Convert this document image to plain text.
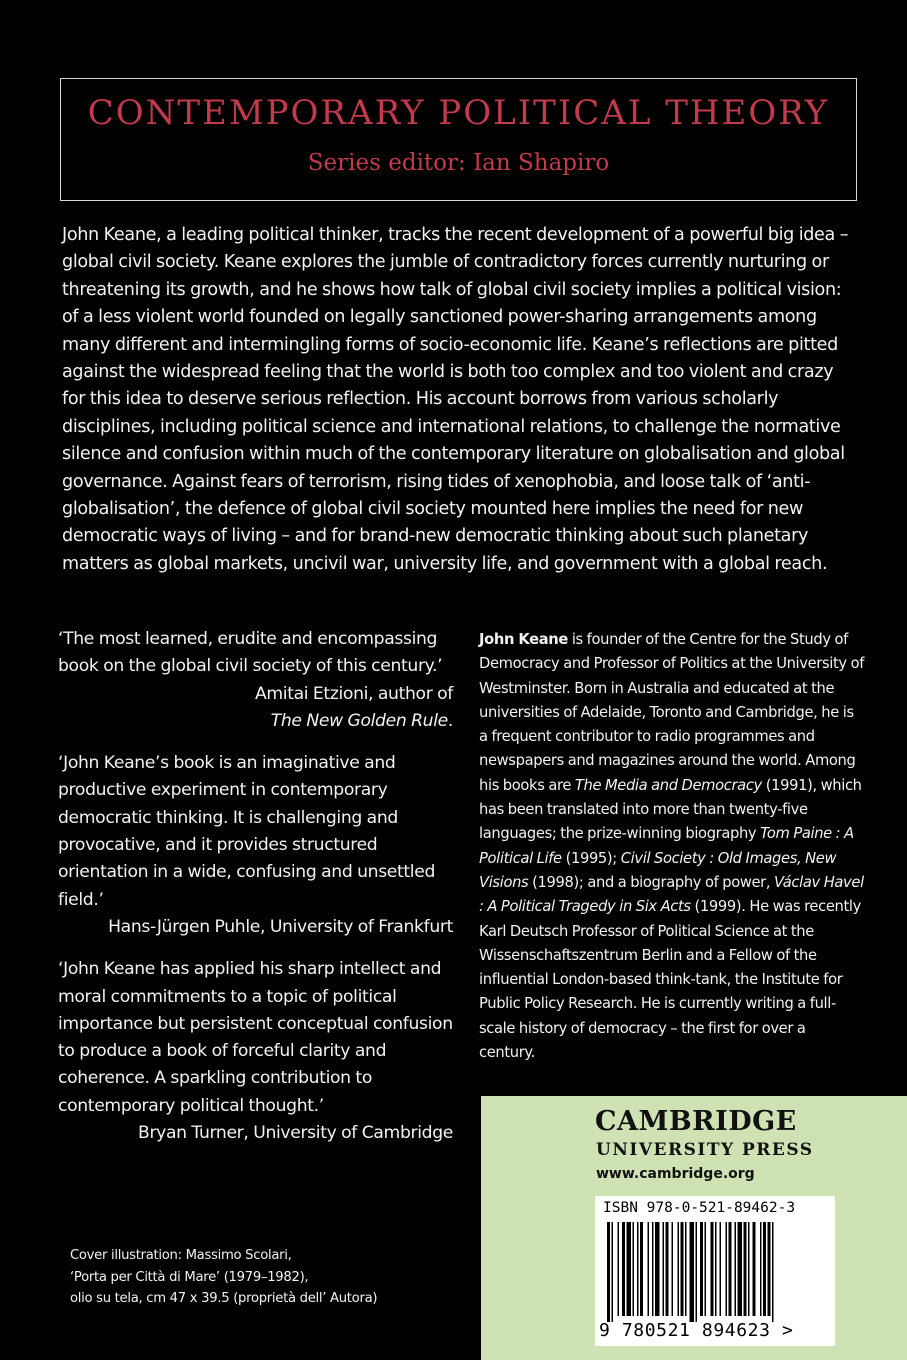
CONTEMPORARY POLITICAL THEORY
Series editor: Ian Shapiro

John Keane, a leading political thinker, tracks the recent development of a powerful big idea – global civil society. Keane explores the jumble of contradictory forces currently nurturing or threatening its growth, and he shows how talk of global civil society implies a political vision: of a less violent world founded on legally sanctioned power-sharing arrangements among many different and intermingling forms of socio-economic life. Keane’s reflections are pitted against the widespread feeling that the world is both too complex and too violent and crazy for this idea to deserve serious reflection. His account borrows from various scholarly disciplines, including political science and international relations, to challenge the normative silence and confusion within much of the contemporary literature on globalisation and global governance. Against fears of terrorism, rising tides of xenophobia, and loose talk of ‘anti-globalisation’, the defence of global civil society mounted here implies the need for new democratic ways of living – and for brand-new democratic thinking about such planetary matters as global markets, uncivil war, university life, and government with a global reach.

‘The most learned, erudite and encompassing book on the global civil society of this century.’
Amitai Etzioni, author of
The New Golden Rule.
‘John Keane’s book is an imaginative and productive experiment in contemporary democratic thinking. It is challenging and provocative, and it provides structured orientation in a wide, confusing and unsettled field.’
Hans-Jürgen Puhle, University of Frankfurt
‘John Keane has applied his sharp intellect and moral commitments to a topic of political importance but persistent conceptual confusion to produce a book of forceful clarity and coherence. A sparkling contribution to contemporary political thought.’
Bryan Turner, University of Cambridge
Cover illustration: Massimo Scolari,
‘Porta per Città di Mare’ (1979–1982),
olio su tela, cm 47 x 39.5 (proprietà dell’ Autora)

John Keane is founder of the Centre for the Study of Democracy and Professor of Politics at the University of Westminster. Born in Australia and educated at the universities of Adelaide, Toronto and Cambridge, he is a frequent contributor to radio programmes and newspapers and magazines around the world. Among his books are The Media and Democracy (1991), which has been translated into more than twenty-five languages; the prize-winning biography Tom Paine : A Political Life (1995); Civil Society : Old Images, New Visions (1998); and a biography of power, Václav Havel : A Political Tragedy in Six Acts (1999). He was recently Karl Deutsch Professor of Political Science at the Wissenschaftszentrum Berlin and a Fellow of the influential London-based think-tank, the Institute for Public Policy Research. He is currently writing a full-scale history of democracy – the first for over a century.

CAMBRIDGE
UNIVERSITY PRESS
www.cambridge.org
ISBN 978-0-521-89462-3
9 780521 894623 >
